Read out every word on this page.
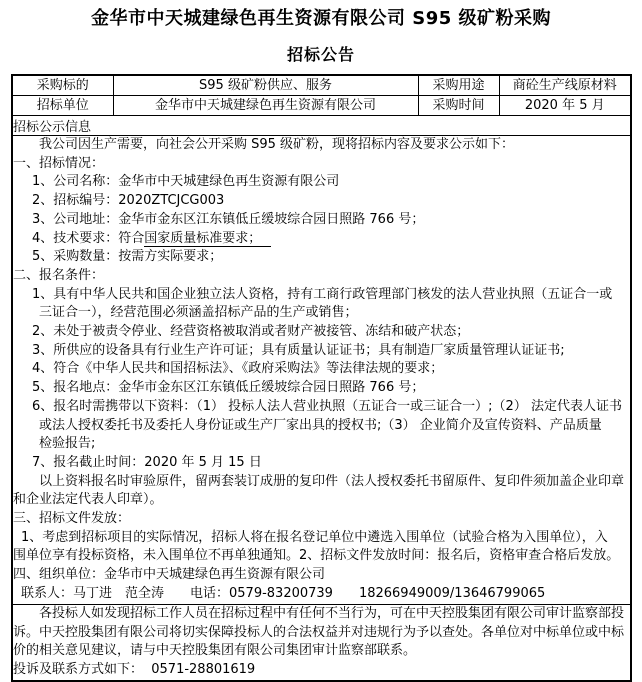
金华市中天城建绿色再生资源有限公司 S95 级矿粉采购
招标公告
采购标的	S95 级矿粉供应、服务	采购用途	商砼生产线原材料
招标单位	金华市中天城建绿色再生资源有限公司	采购时间	2020 年 5 月
招标公示信息			

我公司因生产需要，向社会公开采购 S95 级矿粉，现将招标内容及要求公示如下：
一、招标情况：
1、公司名称：金华市中天城建绿色再生资源有限公司
2、招标编号：2020ZTCJCG003
3、公司地址：金华市金东区江东镇低丘缓坡综合园日照路 766 号；
4、技术要求：符合国家质量标准要求；
5、采购数量：按需方实际要求；
二、报名条件：
1、具有中华人民共和国企业独立法人资格，持有工商行政管理部门核发的法人营业执照（五证合一或
三证合一），经营范围必须涵盖招标产品的生产或销售；
2、未处于被责令停业、经营资格被取消或者财产被接管、冻结和破产状态；
3、所供应的设备具有行业生产许可证；具有质量认证证书；具有制造厂家质量管理认证证书;
4、符合《中华人民共和国招标法》、《政府采购法》等法律法规的要求；
5、报名地点：金华市金东区江东镇低丘缓坡综合园日照路 766 号；
6、报名时需携带以下资料：（1） 投标人法人营业执照（五证合一或三证合一）;（2） 法定代表人证书
或法人授权委托书及委托人身份证或生产厂家出具的授权书;（3） 企业简介及宣传资料、产品质量
检验报告;
7、报名截止时间：2020 年 5 月 15 日
以上资料报名时审验原件，留两套装订成册的复印件（法人授权委托书留原件、复印件须加盖企业印章
和企业法定代表人印章）。
三、招标文件发放：
1、考虑到招标项目的实际情况，招标人将在报名登记单位中遴选入围单位（试验合格为入围单位），入
围单位享有投标资格，未入围单位不再单独通知。2、招标文件发放时间：报名后，资格审查合格后发放。
四、组织单位：金华市中天城建绿色再生资源有限公司
联系人：马丁进　范全涛　　电话：0579-83200739　　18266949009/13646799065

各投标人如发现招标工作人员在招标过程中有任何不当行为，可在中天控股集团有限公司审计监察部投
诉。中天控股集团有限公司将切实保障投标人的合法权益并对违规行为予以查处。各单位对中标单位或中标
价的相关意见建议，请与中天控股集团有限公司集团审计监察部联系。
投诉及联系方式如下：  0571-28801619			
